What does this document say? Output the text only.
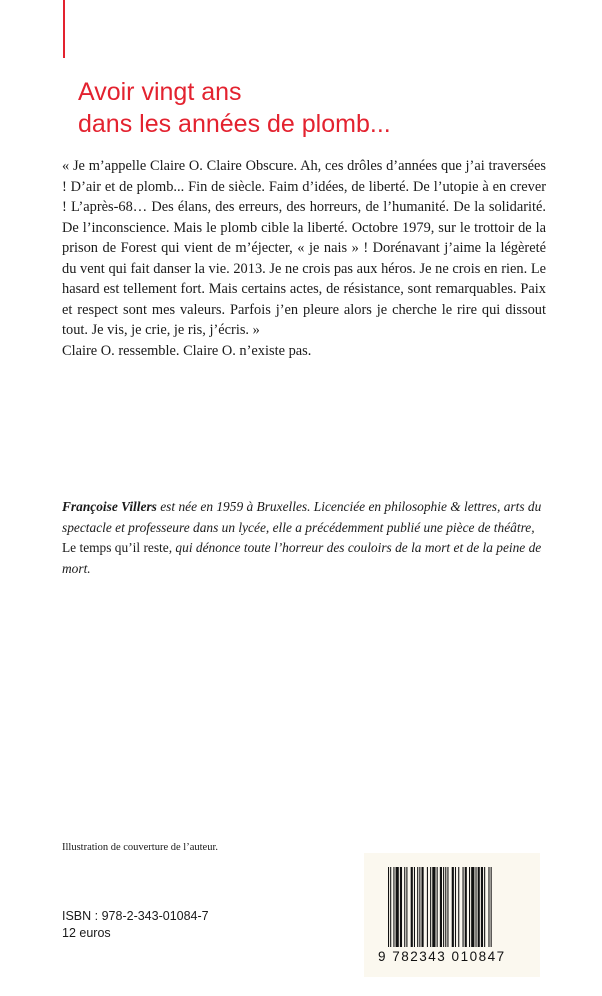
Avoir vingt ans
dans les années de plomb...

« Je m’appelle Claire O. Claire Obscure. Ah, ces drôles d’années que j’ai traversées ! D’air et de plomb... Fin de siècle. Faim d’idées, de liberté. De l’utopie à en crever ! L’après-68… Des élans, des erreurs, des horreurs, de l’humanité. De la solidarité. De l’inconscience. Mais le plomb cible la liberté. Octobre 1979, sur le trottoir de la prison de Forest qui vient de m’éjecter, « je nais » ! Dorénavant j’aime la légèreté du vent qui fait danser la vie. 2013. Je ne crois pas aux héros. Je ne crois en rien. Le hasard est tellement fort. Mais certains actes, de résistance, sont remarquables. Paix et respect sont mes valeurs. Parfois j’en pleure alors je cherche le rire qui dissout tout. Je vis, je crie, je ris, j’écris. »

Claire O. ressemble. Claire O. n’existe pas.

Françoise Villers est née en 1959 à Bruxelles. Licenciée en philosophie & lettres, arts du spectacle et professeure dans un lycée, elle a précédemment publié une pièce de théâtre, Le temps qu’il reste, qui dénonce toute l’horreur des couloirs de la mort et de la peine de mort.
Illustration de couverture de l’auteur.
ISBN : 978-2-343-01084-7
12 euros
9 782343 010847
